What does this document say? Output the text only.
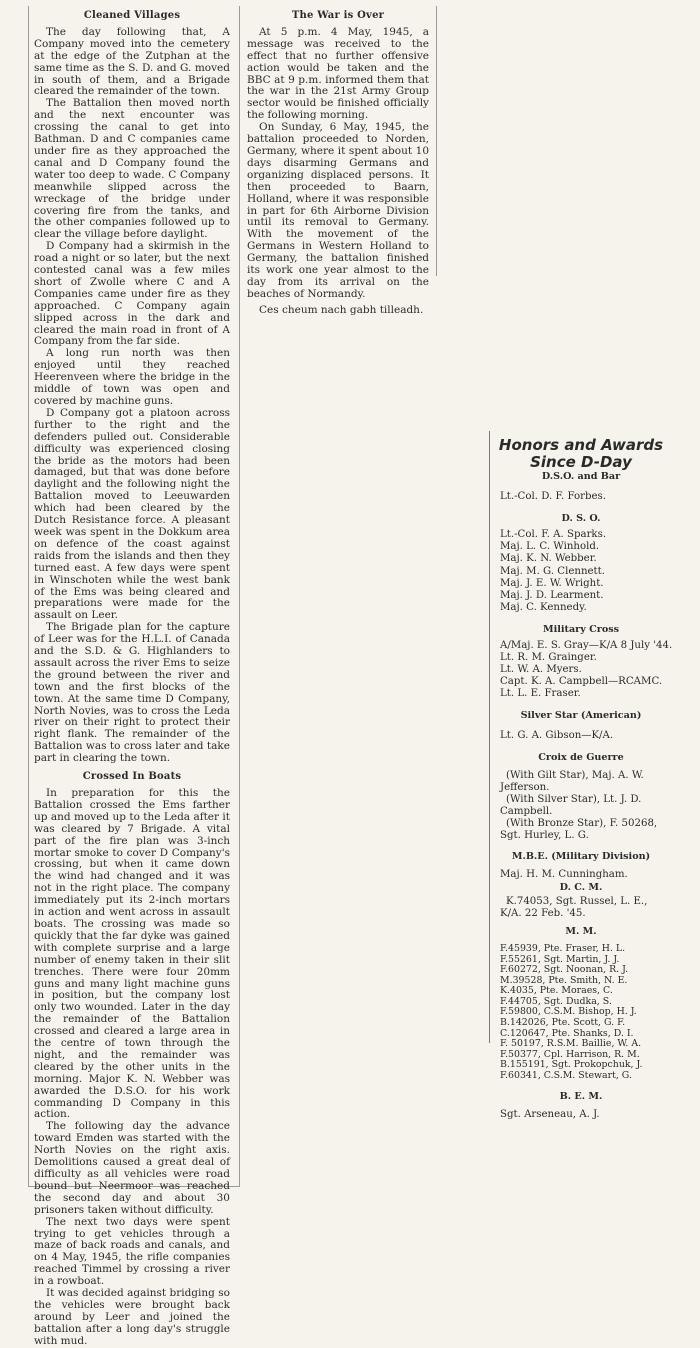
Cleaned Villages

The day following that, A Company moved into the cemetery at the edge of the Zutphan at the same time as the S. D. and G. moved in south of them, and a Brigade cleared the remainder of the town.

The Battalion then moved north and the next encounter was crossing the canal to get into Bathman. D and C companies came under fire as they approached the canal and D Company found the water too deep to wade. C Company meanwhile slipped across the wreckage of the bridge under covering fire from the tanks, and the other companies followed up to clear the village before daylight.

D Company had a skirmish in the road a night or so later, but the next contested canal was a few miles short of Zwolle where C and A Companies came under fire as they approached. C Company again slipped across in the dark and cleared the main road in front of A Company from the far side.

A long run north was then enjoyed until they reached Heerenveen where the bridge in the middle of town was open and covered by machine guns.

D Company got a platoon across further to the right and the defenders pulled out. Considerable difficulty was experienced closing the bride as the motors had been damaged, but that was done before daylight and the following night the Battalion moved to Leeuwarden which had been cleared by the Dutch Resistance force. A pleasant week was spent in the Dokkum area on defence of the coast against raids from the islands and then they turned east. A few days were spent in Winschoten while the west bank of the Ems was being cleared and preparations were made for the assault on Leer.

The Brigade plan for the capture of Leer was for the H.L.I. of Canada and the S.D. & G. Highlanders to assault across the river Ems to seize the ground between the river and town and the first blocks of the town. At the same time D Company, North Novies, was to cross the Leda river on their right to protect their right flank. The remainder of the Battalion was to cross later and take part in clearing the town.

Crossed In Boats

In preparation for this the Battalion crossed the Ems farther up and moved up to the Leda after it was cleared by 7 Brigade. A vital part of the fire plan was 3-inch mortar smoke to cover D Company's crossing, but when it came down the wind had changed and it was not in the right place. The company immediately put its 2-inch mortars in action and went across in assault boats. The crossing was made so quickly that the far dyke was gained with complete surprise and a large number of enemy taken in their slit trenches. There were four 20mm guns and many light machine guns in position, but the company lost only two wounded. Later in the day the remainder of the Battalion crossed and cleared a large area in the centre of town through the night, and the remainder was cleared by the other units in the morning. Major K. N. Webber was awarded the D.S.O. for his work commanding D Company in this action.

The following day the advance toward Emden was started with the North Novies on the right axis. Demolitions caused a great deal of difficulty as all vehicles were road bound but Neermoor was reached the second day and about 30 prisoners taken without difficulty.

The next two days were spent trying to get vehicles through a maze of back roads and canals, and on 4 May, 1945, the rifle companies reached Timmel by crossing a river in a rowboat.

It was decided against bridging so the vehicles were brought back around by Leer and joined the battalion after a long day's struggle with mud.

The War is Over

At 5 p.m. 4 May, 1945, a message was received to the effect that no further offensive action would be taken and the BBC at 9 p.m. informed them that the war in the 21st Army Group sector would be finished officially the following morning.

On Sunday, 6 May, 1945, the battalion proceeded to Norden, Germany, where it spent about 10 days disarming Germans and organizing displaced persons. It then proceeded to Baarn, Holland, where it was responsible in part for 6th Airborne Division until its removal to Germany. With the movement of the Germans in Western Holland to Germany, the battalion finished its work one year almost to the day from its arrival on the beaches of Normandy.

Ces cheum nach gabh tilleadh.

Honors and Awards
Since D-Day
D.S.O. and Bar
Lt.-Col. D. F. Forbes.
D. S. O.
Lt.-Col. F. A. Sparks.
Maj. L. C. Winhold.
Maj. K. N. Webber.
Maj. M. G. Clennett.
Maj. J. E. W. Wright.
Maj. J. D. Learment.
Maj. C. Kennedy.
Military Cross
A/Maj. E. S. Gray—K/A 8 July '44.
Lt. R. M. Grainger.
Lt. W. A. Myers.
Capt. K. A. Campbell—RCAMC.
Lt. L. E. Fraser.
Silver Star (American)
Lt. G. A. Gibson—K/A.
Croix de Guerre
(With Gilt Star), Maj. A. W. Jefferson.
(With Silver Star), Lt. J. D. Campbell.
(With Bronze Star), F. 50268, Sgt. Hurley, L. G.
M.B.E. (Military Division)
Maj. H. M. Cunningham.
D. C. M.
K.74053, Sgt. Russel, L. E., K/A. 22 Feb. '45.
M. M.
F.45939, Pte. Fraser, H. L.
F.55261, Sgt. Martin, J. J.
F.60272, Sgt. Noonan, R. J.
M.39528, Pte. Smith, N. E.
K.4035, Pte. Moraes, C.
F.44705, Sgt. Dudka, S.
F.59800, C.S.M. Bishop, H. J.
B.142026, Pte. Scott, G. F.
C.120647, Pte. Shanks, D. I.
F. 50197, R.S.M. Baillie, W. A.
F.50377, Cpl. Harrison, R. M.
B.155191, Sgt. Prokopchuk, J.
F.60341, C.S.M. Stewart, G.
B. E. M.
Sgt. Arseneau, A. J.
